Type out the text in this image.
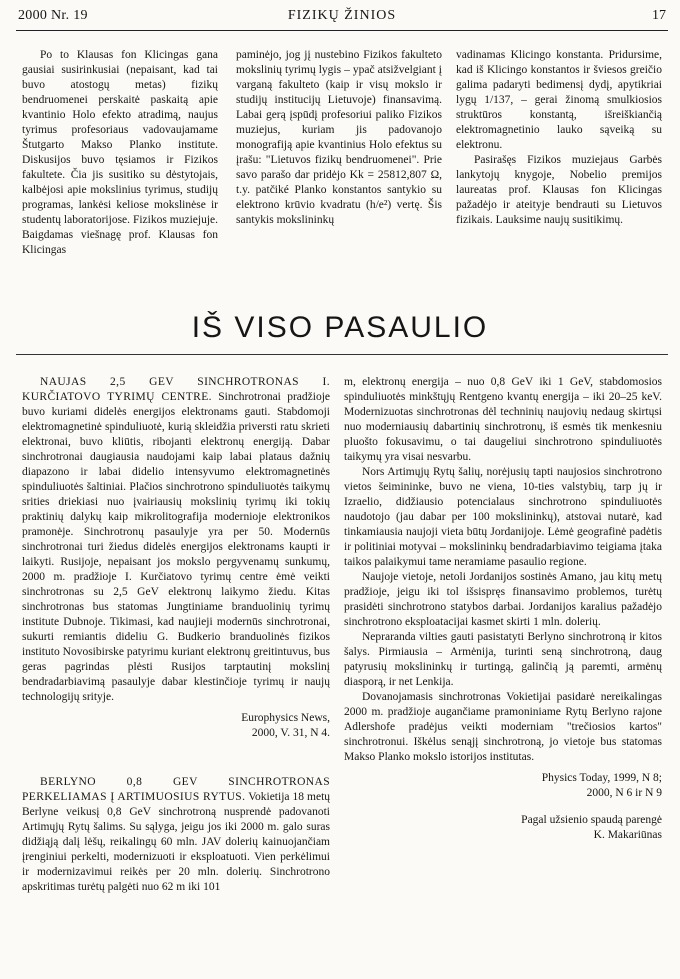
2000 Nr. 19	FIZIKŲ ŽINIOS	17

Po to Klausas fon Klicingas gana gausiai susirinkusiai (nepaisant, kad tai buvo atostogų metas) fizikų bendruomenei perskaitė paskaitą apie kvantinio Holo efekto atradimą, naujus tyrimus profesoriaus vadovaujamame Štutgarto Makso Planko institute. Diskusijos buvo tęsiamos ir Fizikos fakultete. Čia jis susitiko su dėstytojais, kalbėjosi apie mokslinius tyrimus, studijų programas, lankėsi keliose mokslinėse ir studentų laboratorijose. Fizikos muziejuje. Baigdamas viešnagę prof. Klausas fon Klicingas

paminėjo, jog jį nustebino Fizikos fakulteto mokslinių tyrimų lygis – ypač atsižvelgiant į varganą fakulteto (kaip ir visų mokslo ir studijų institucijų Lietuvoje) finansavimą. Labai gerą įspūdį profesoriui paliko Fizikos muziejus, kuriam jis padovanojo monografiją apie kvantinius Holo efektus su įrašu: "Lietuvos fizikų bendruomenei". Prie savo parašo dar pridėjo Kk = 25812,807 Ω, t.y. patčiké Planko konstantos santykio su elektrono krūvio kvadratu (h/e²) vertę. Šis santykis mokslininkų

vadinamas Klicingo konstanta. Pridursime, kad iš Klicingo konstantos ir šviesos greičio galima padaryti bedimensį dydį, apytikriai lygų 1/137, – gerai žinomą smulkiosios struktūros konstantą, išreiškiančią elektromagnetinio lauko sąveiką su elektronu.

Pasirašęs Fizikos muziejaus Garbės lankytojų knygoje, Nobelio premijos laureatas prof. Klausas fon Klicingas pažadėjo ir ateityje bendrauti su Lietuvos fizikais. Lauksime naujų susitikimų.

IŠ VISO PASAULIO

NAUJAS 2,5 GEV SINCHROTRONAS I. KURČIATOVO TYRIMŲ CENTRE. Sinchrotronai pradžioje buvo kuriami didelės energijos elektronams gauti. Stabdomoji elektromagnetinė spinduliuotė, kurią skleidžia priversti ratu skrieti elektronai, buvo kliūtis, ribojanti elektronų energiją. Dabar sinchrotronai daugiausia naudojami kaip labai plataus dažnių diapazono ir labai didelio intensyvumo elektromagnetinės spinduliuotės šaltiniai. Plačios sinchrotrono spinduliuotės taikymų srities driekiasi nuo įvairiausių mokslinių tyrimų iki tokių praktinių dalykų kaip mikrolitografija modernioje elektronikos pramonėje. Sinchrotronų pasaulyje yra per 50. Modernūs sinchrotronai turi žiedus didelės energijos elektronams kaupti ir laikyti. Rusijoje, nepaisant jos mokslo pergyvenamų sunkumų, 2000 m. pradžioje I. Kurčiatovo tyrimų centre ėmė veikti sinchrotronas su 2,5 GeV elektronų laikymo žiedu. Kitas sinchrotronas bus statomas Jungtiniame branduolinių tyrimų institute Dubnoje. Tikimasi, kad naujieji modernūs sinchrotronai, sukurti remiantis dideliu G. Budkerio branduolinės fizikos instituto Novosibirske patyrimu kuriant elektronų greitintuvus, bus geras pagrindas plėsti Rusijos tarptautinį mokslinį bendradarbiavimą pasaulyje dabar klestinčioje tyrimų ir naujų technologijų srityje.

Europhysics News,
2000, V. 31, N 4.

BERLYNO 0,8 GEV SINCHROTRONAS PERKELIAMAS Į ARTIMUOSIUS RYTUS. Vokietija 18 metų Berlyne veikusį 0,8 GeV sinchrotroną nusprendė padovanoti Artimųjų Rytų šalims. Su sąlyga, jeigu jos iki 2000 m. galo suras didžiąją dalį lėšų, reikalingų 60 mln. JAV dolerių kainuojančiam įrenginiui perkelti, modernizuoti ir eksploatuoti. Vien perkėlimui ir modernizavimui reikės per 20 mln. dolerių. Sinchrotrono apskritimas turėtų palgėti nuo 62 m iki 101

m, elektronų energija – nuo 0,8 GeV iki 1 GeV, stabdomosios spinduliuotės minkštųjų Rentgeno kvantų energija – iki 20–25 keV. Modernizuotas sinchrotronas dėl techninių naujovių nedaug skirtųsi nuo moderniausių dabartinių sinchrotronų, iš esmės tik menkesniu pluošto fokusavimu, o tai daugeliui sinchrotrono spinduliuotės taikymų yra visai nesvarbu.

Nors Artimųjų Rytų šalių, norėjusių tapti naujosios sinchrotrono vietos šeimininke, buvo ne viena, 10-ties valstybių, tarp jų ir Izraelio, didžiausio potencialaus sinchrotrono spinduliuotės naudotojo (jau dabar per 100 mokslininkų), atstovai nutarė, kad tinkamiausia naujoji vieta būtų Jordanijoje. Lėmė geografinė padėtis ir politiniai motyvai – mokslininkų bendradarbiavimo teigiama įtaka taikos palaikymui tame neramiame pasaulio regione.

Naujoje vietoje, netoli Jordanijos sostinės Amano, jau kitų metų pradžioje, jeigu iki tol išsispręs finansavimo problemos, turėtų prasidėti sinchrotrono statybos darbai. Jordanijos karalius pažadėjo sinchrotrono eksploatacijai kasmet skirti 1 mln. dolerių.

Nepraranda vilties gauti pasistatyti Berlyno sinchrotroną ir kitos šalys. Pirmiausia – Armėnija, turinti seną sinchrotroną, daug patyrusių mokslininkų ir turtingą, galinčią ją paremti, armėnų diasporą, ir net Lenkija.

Dovanojamasis sinchrotronas Vokietijai pasidarė nereikalingas 2000 m. pradžioje augančiame pramoniniame Rytų Berlyno rajone Adlershofe pradėjus veikti moderniam "trečiosios kartos" sinchrotronui. Iškėlus senąjį sinchrotroną, jo vietoje bus statomas Makso Planko mokslo istorijos institutas.

Physics Today, 1999, N 8;
2000, N 6 ir N 9
Pagal užsienio spaudą parengė
K. Makariūnas
